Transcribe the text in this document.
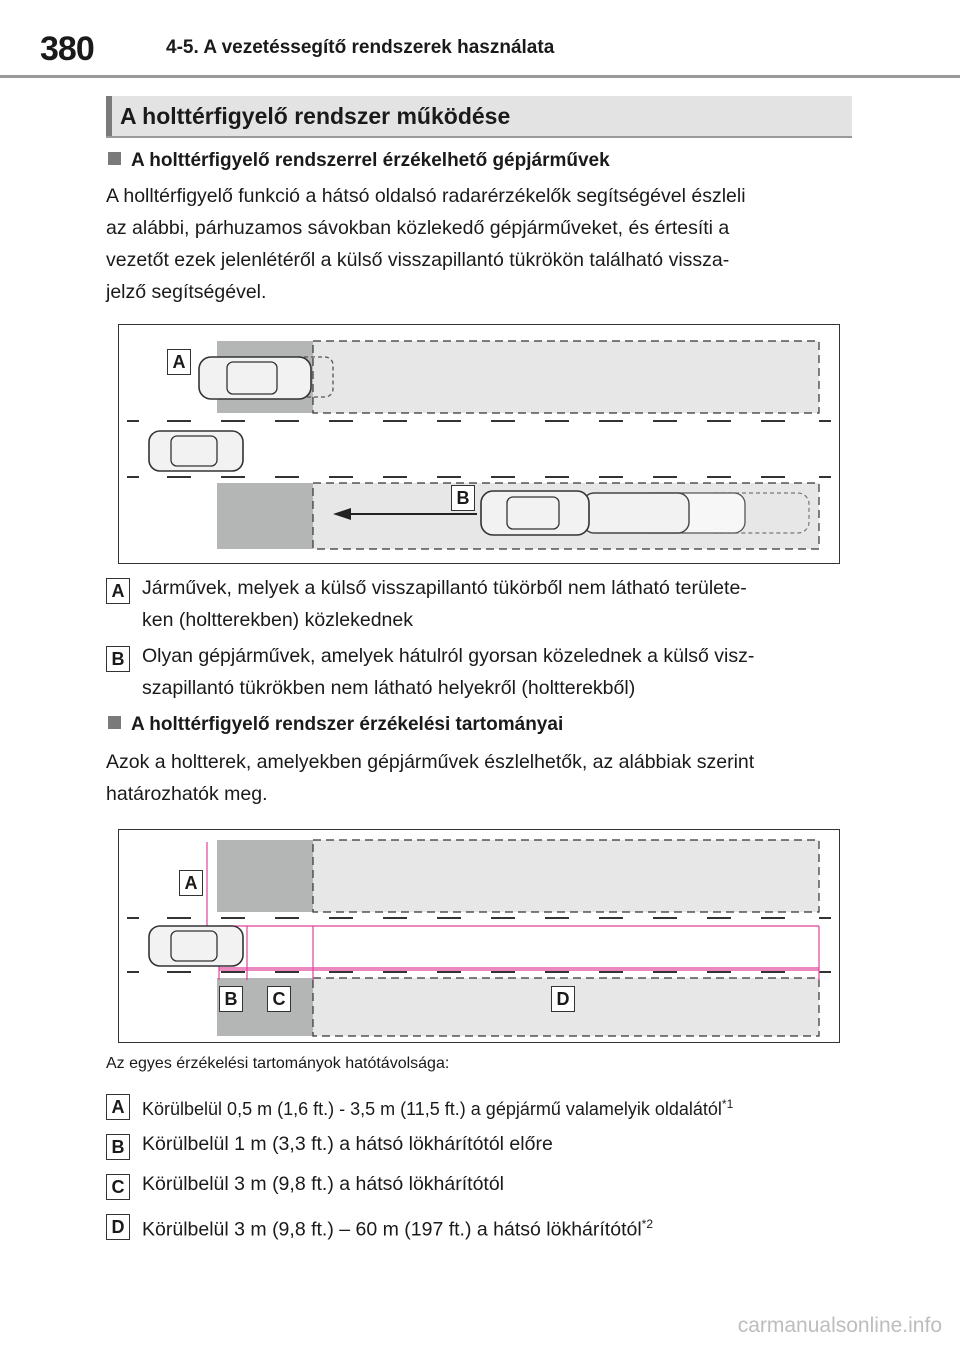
380	4-5. A vezetéssegítő rendszerek használata
A holttérfigyelő rendszer működése
A holttérfigyelő rendszerrel érzékelhető gépjárművek
A holltérfigyelő funkció a hátsó oldalsó radarérzékelők segítségével észleli
az alábbi, párhuzamos sávokban közlekedő gépjárműveket, és értesíti a
vezetőt ezek jelenlétéről a külső visszapillantó tükrökön található vissza-
jelző segítségével.
A
B
A Járművek, melyek a külső visszapillantó tükörből nem látható területe-
ken (holtterekben) közlekednek
B Olyan gépjárművek, amelyek hátulról gyorsan közelednek a külső visz-
szapillantó tükrökben nem látható helyekről (holtterekből)
A holttérfigyelő rendszer érzékelési tartományai
Azok a holtterek, amelyekben gépjárművek észlelhetők, az alábbiak szerint
határozhatók meg.
A
B	C	D
Az egyes érzékelési tartományok hatótávolsága:
A Körülbelül 0,5 m (1,6 ft.) - 3,5 m (11,5 ft.) a gépjármű valamelyik oldalától$^{*1}$
B Körülbelül 1 m (3,3 ft.) a hátsó lökhárítótól előre
C Körülbelül 3 m (9,8 ft.) a hátsó lökhárítótól
D Körülbelül 3 m (9,8 ft.) – 60 m (197 ft.) a hátsó lökhárítótól$^{*2}$
carmanualsonline.info
